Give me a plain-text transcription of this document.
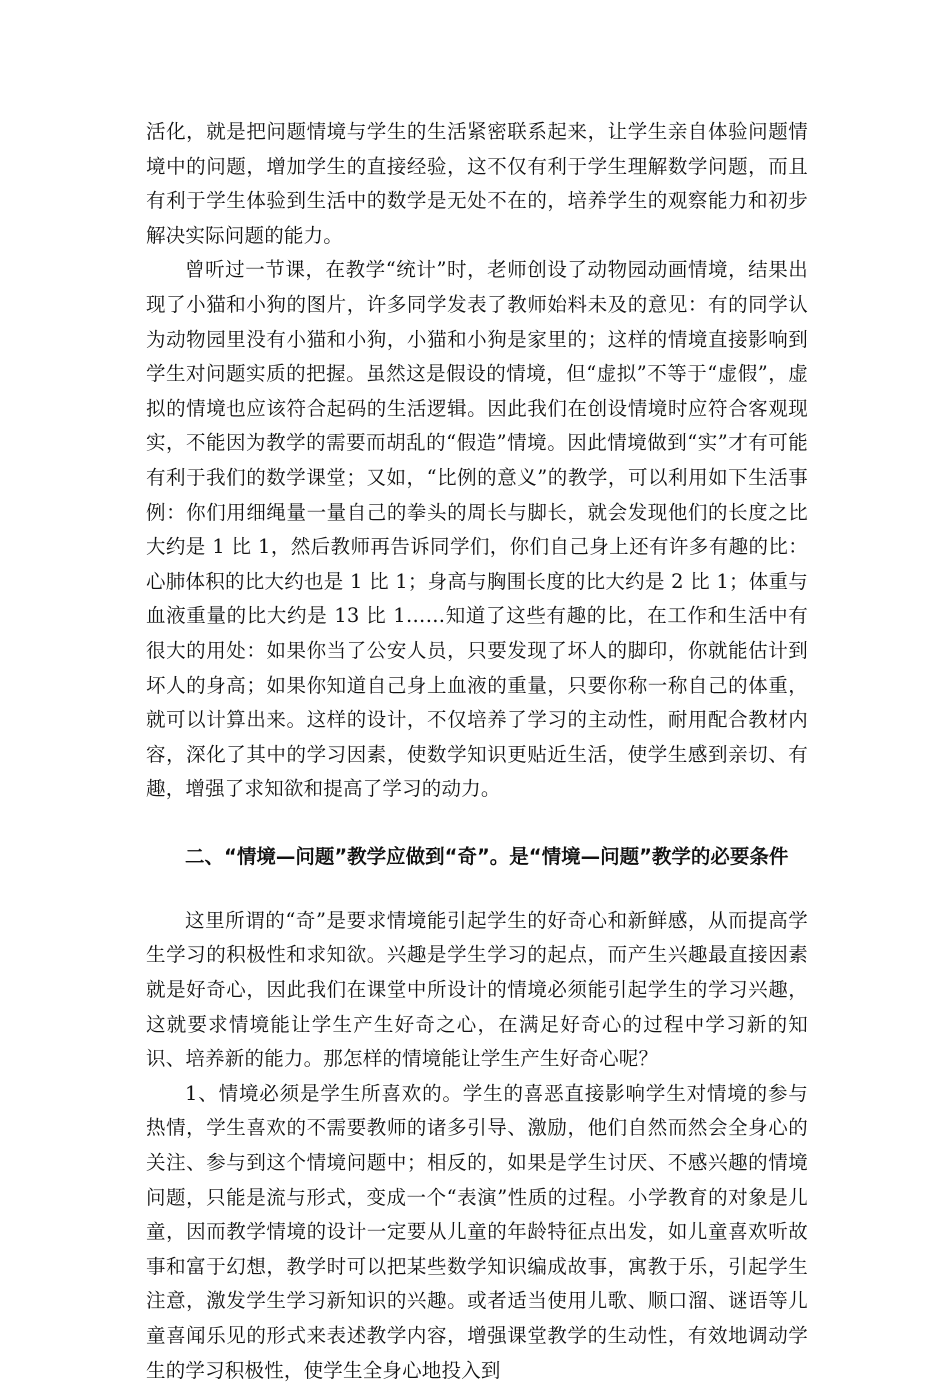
活化，就是把问题情境与学生的生活紧密联系起来，让学生亲自体验问题情境中的问题，增加学生的直接经验，这不仅有利于学生理解数学问题，而且有利于学生体验到生活中的数学是无处不在的，培养学生的观察能力和初步解决实际问题的能力。

曾听过一节课，在教学“统计”时，老师创设了动物园动画情境，结果出现了小猫和小狗的图片，许多同学发表了教师始料未及的意见：有的同学认为动物园里没有小猫和小狗，小猫和小狗是家里的；这样的情境直接影响到学生对问题实质的把握。虽然这是假设的情境，但“虚拟”不等于“虚假”，虚拟的情境也应该符合起码的生活逻辑。因此我们在创设情境时应符合客观现实，不能因为教学的需要而胡乱的“假造”情境。因此情境做到“实”才有可能有利于我们的数学课堂；又如，“比例的意义”的教学，可以利用如下生活事例：你们用细绳量一量自己的拳头的周长与脚长，就会发现他们的长度之比大约是 1 比 1，然后教师再告诉同学们，你们自己身上还有许多有趣的比：心肺体积的比大约也是 1 比 1；身高与胸围长度的比大约是 2 比 1；体重与血液重量的比大约是 13 比 1……知道了这些有趣的比，在工作和生活中有很大的用处：如果你当了公安人员，只要发现了坏人的脚印，你就能估计到坏人的身高；如果你知道自己身上血液的重量，只要你称一称自己的体重，就可以计算出来。这样的设计，不仅培养了学习的主动性，耐用配合教材内容，深化了其中的学习因素，使数学知识更贴近生活，使学生感到亲切、有趣，增强了求知欲和提高了学习的动力。

二、“情境—问题”教学应做到“奇”。是“情境—问题”教学的必要条件

这里所谓的“奇”是要求情境能引起学生的好奇心和新鲜感，从而提高学生学习的积极性和求知欲。兴趣是学生学习的起点，而产生兴趣最直接因素就是好奇心，因此我们在课堂中所设计的情境必须能引起学生的学习兴趣，这就要求情境能让学生产生好奇之心，在满足好奇心的过程中学习新的知识、培养新的能力。那怎样的情境能让学生产生好奇心呢？

1、情境必须是学生所喜欢的。学生的喜恶直接影响学生对情境的参与热情，学生喜欢的不需要教师的诸多引导、激励，他们自然而然会全身心的关注、参与到这个情境问题中；相反的，如果是学生讨厌、不感兴趣的情境问题，只能是流与形式，变成一个“表演”性质的过程。小学教育的对象是儿童，因而教学情境的设计一定要从儿童的年龄特征点出发，如儿童喜欢听故事和富于幻想，教学时可以把某些数学知识编成故事，寓教于乐，引起学生注意，激发学生学习新知识的兴趣。或者适当使用儿歌、顺口溜、谜语等儿童喜闻乐见的形式来表述教学内容，增强课堂教学的生动性，有效地调动学生的学习积极性，使学生全身心地投入到
